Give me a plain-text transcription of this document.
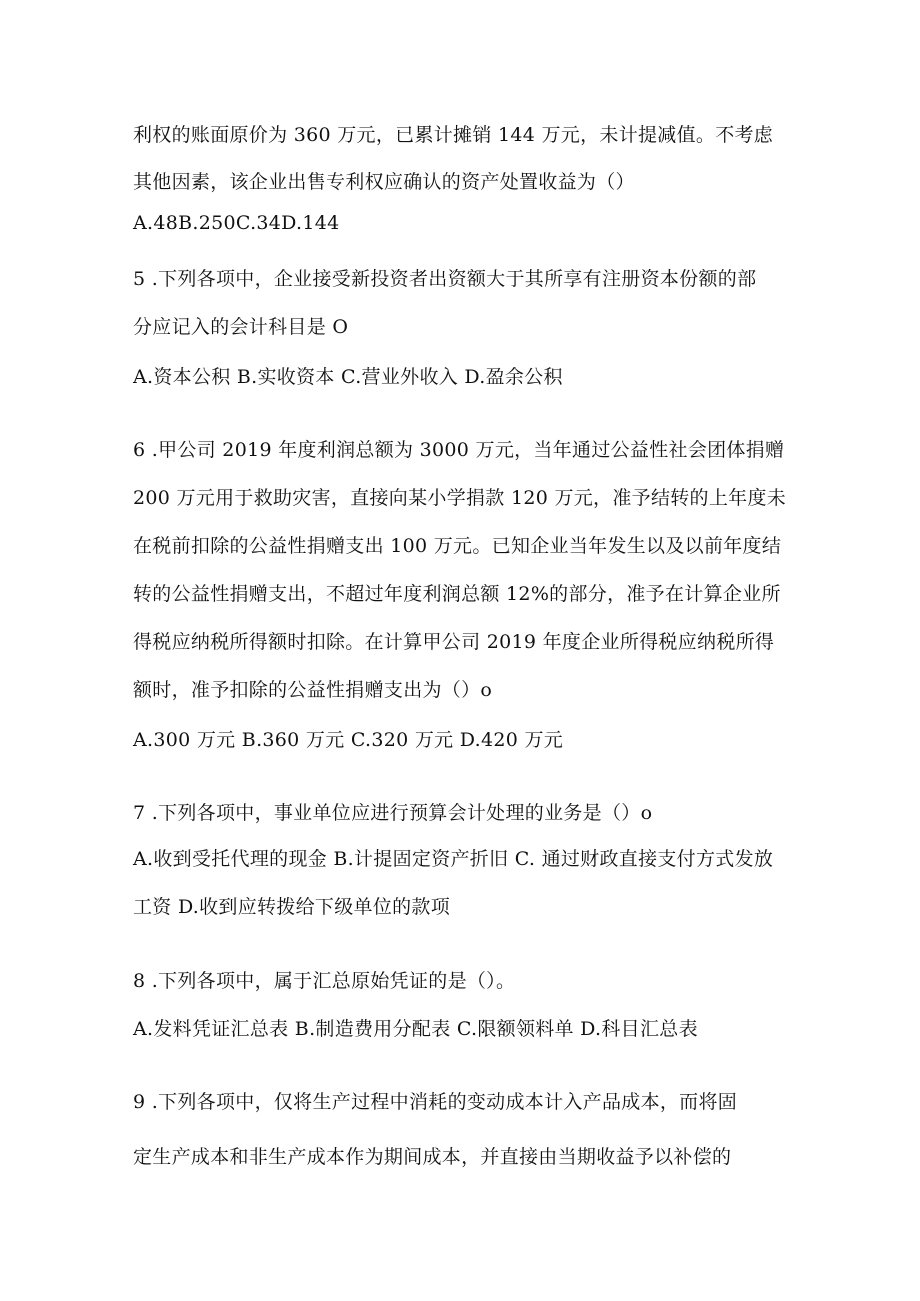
利权的账面原价为 360 万元，已累计摊销 144 万元，未计提减值。不考虑
其他因素，该企业出售专利权应确认的资产处置收益为（）
A.48B.250C.34D.144
5 .下列各项中，企业接受新投资者出资额大于其所享有注册资本份额的部
分应记入的会计科目是 O
A.资本公积 B.实收资本 C.营业外收入 D.盈余公积
6 .甲公司 2019 年度利润总额为 3000 万元，当年通过公益性社会团体捐赠
200 万元用于救助灾害，直接向某小学捐款 120 万元，准予结转的上年度未
在税前扣除的公益性捐赠支出 100 万元。已知企业当年发生以及以前年度结
转的公益性捐赠支出，不超过年度利润总额 12%的部分，准予在计算企业所
得税应纳税所得额时扣除。在计算甲公司 2019 年度企业所得税应纳税所得
额时，准予扣除的公益性捐赠支出为（）o
A.300 万元 B.360 万元 C.320 万元 D.420 万元
7 .下列各项中，事业单位应进行预算会计处理的业务是（）o
A.收到受托代理的现金 B.计提固定资产折旧 C. 通过财政直接支付方式发放
工资 D.收到应转拨给下级单位的款项
8 .下列各项中，属于汇总原始凭证的是（）。
A.发料凭证汇总表 B.制造费用分配表 C.限额领料单 D.科目汇总表
9 .下列各项中，仅将生产过程中消耗的变动成本计入产品成本，而将固
定生产成本和非生产成本作为期间成本，并直接由当期收益予以补偿的
